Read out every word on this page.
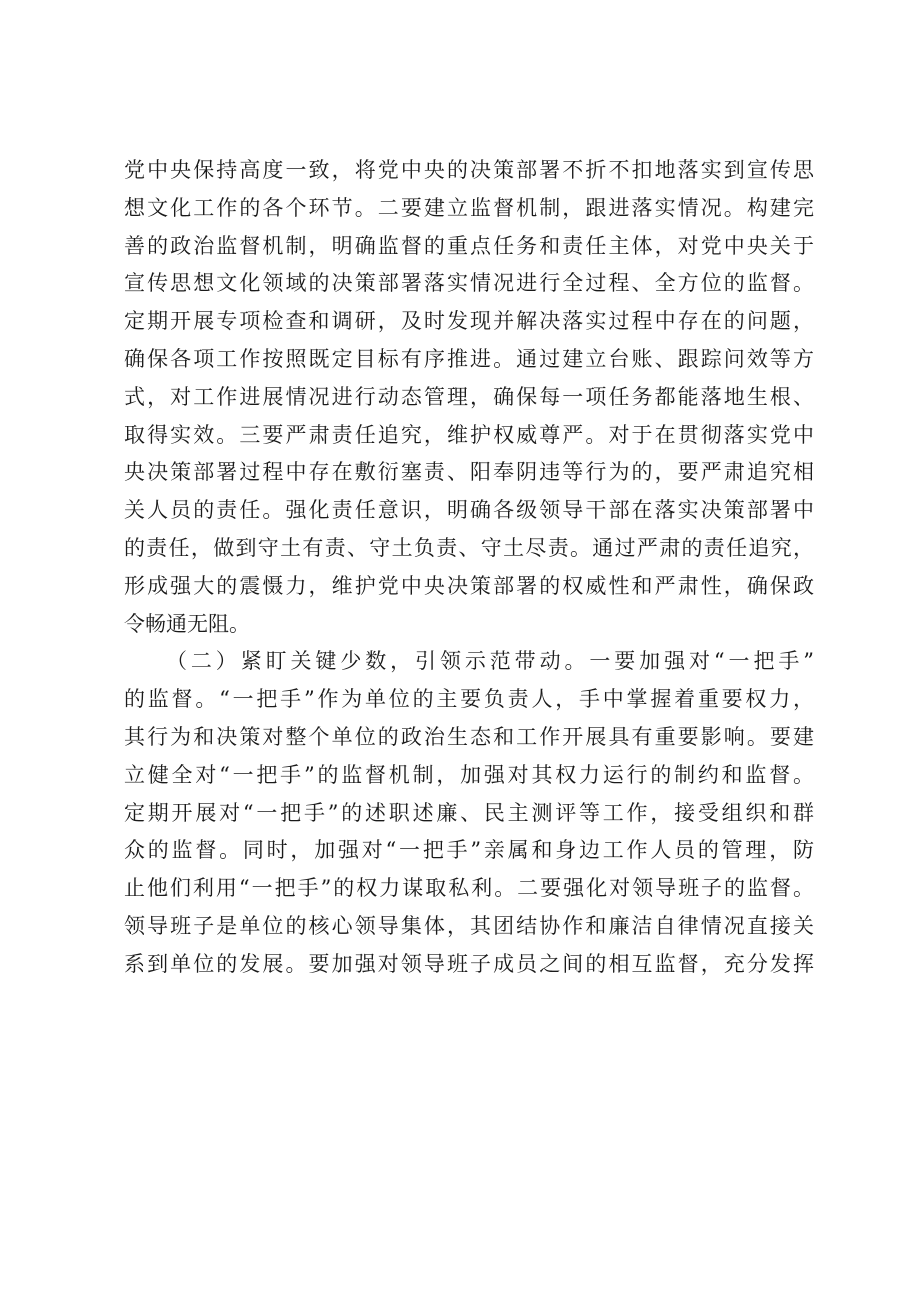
党中央保持高度一致，将党中央的决策部署不折不扣地落实到宣传思
想文化工作的各个环节。二要建立监督机制，跟进落实情况。构建完
善的政治监督机制，明确监督的重点任务和责任主体，对党中央关于
宣传思想文化领域的决策部署落实情况进行全过程、全方位的监督。
定期开展专项检查和调研，及时发现并解决落实过程中存在的问题，
确保各项工作按照既定目标有序推进。通过建立台账、跟踪问效等方
式，对工作进展情况进行动态管理，确保每一项任务都能落地生根、
取得实效。三要严肃责任追究，维护权威尊严。对于在贯彻落实党中
央决策部署过程中存在敷衍塞责、阳奉阴违等行为的，要严肃追究相
关人员的责任。强化责任意识，明确各级领导干部在落实决策部署中
的责任，做到守土有责、守土负责、守土尽责。通过严肃的责任追究，
形成强大的震慑力，维护党中央决策部署的权威性和严肃性，确保政
令畅通无阻。
（二）紧盯关键少数，引领示范带动。一要加强对“一把手”
的监督。“一把手”作为单位的主要负责人，手中掌握着重要权力，
其行为和决策对整个单位的政治生态和工作开展具有重要影响。要建
立健全对“一把手”的监督机制，加强对其权力运行的制约和监督。
定期开展对“一把手”的述职述廉、民主测评等工作，接受组织和群
众的监督。同时，加强对“一把手”亲属和身边工作人员的管理，防
止他们利用“一把手”的权力谋取私利。二要强化对领导班子的监督。
领导班子是单位的核心领导集体，其团结协作和廉洁自律情况直接关
系到单位的发展。要加强对领导班子成员之间的相互监督，充分发挥
